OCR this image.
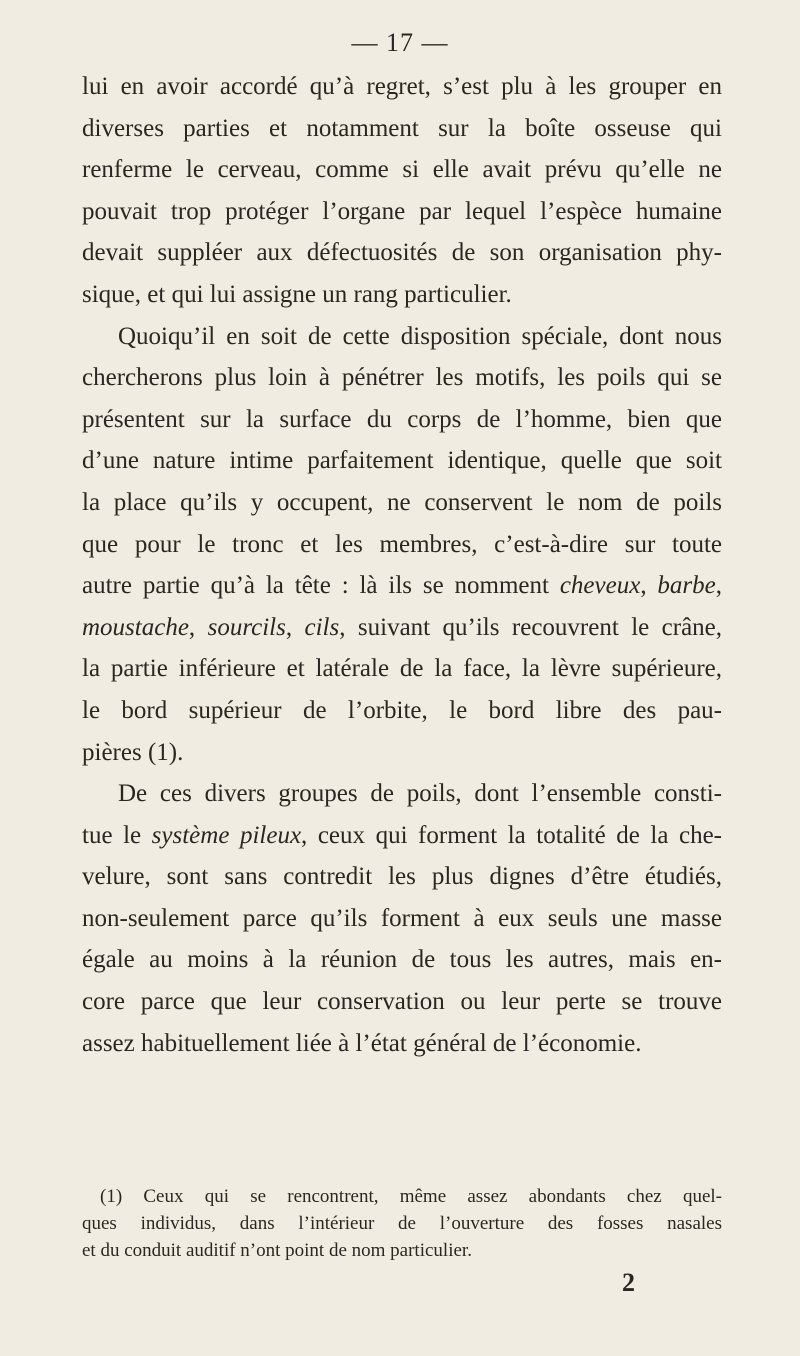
— 17 —
lui en avoir accordé qu’à regret, s’est plu à les grouper en
diverses parties et notamment sur la boîte osseuse qui
renferme le cerveau, comme si elle avait prévu qu’elle ne
pouvait trop protéger l’organe par lequel l’espèce humaine
devait suppléer aux défectuosités de son organisation phy-
sique, et qui lui assigne un rang particulier.
Quoiqu’il en soit de cette disposition spéciale, dont nous
chercherons plus loin à pénétrer les motifs, les poils qui se
présentent sur la surface du corps de l’homme, bien que
d’une nature intime parfaitement identique, quelle que soit
la place qu’ils y occupent, ne conservent le nom de poils
que pour le tronc et les membres, c’est-à-dire sur toute
autre partie qu’à la tête : là ils se nomment cheveux, barbe,
moustache, sourcils, cils, suivant qu’ils recouvrent le crâne,
la partie inférieure et latérale de la face, la lèvre supérieure,
le bord supérieur de l’orbite, le bord libre des pau-
pières (1).
De ces divers groupes de poils, dont l’ensemble consti-
tue le système pileux, ceux qui forment la totalité de la che-
velure, sont sans contredit les plus dignes d’être étudiés,
non-seulement parce qu’ils forment à eux seuls une masse
égale au moins à la réunion de tous les autres, mais en-
core parce que leur conservation ou leur perte se trouve
assez habituellement liée à l’état général de l’économie.
(1) Ceux qui se rencontrent, même assez abondants chez quel-
ques individus, dans l’intérieur de l’ouverture des fosses nasales
et du conduit auditif n’ont point de nom particulier.
2
